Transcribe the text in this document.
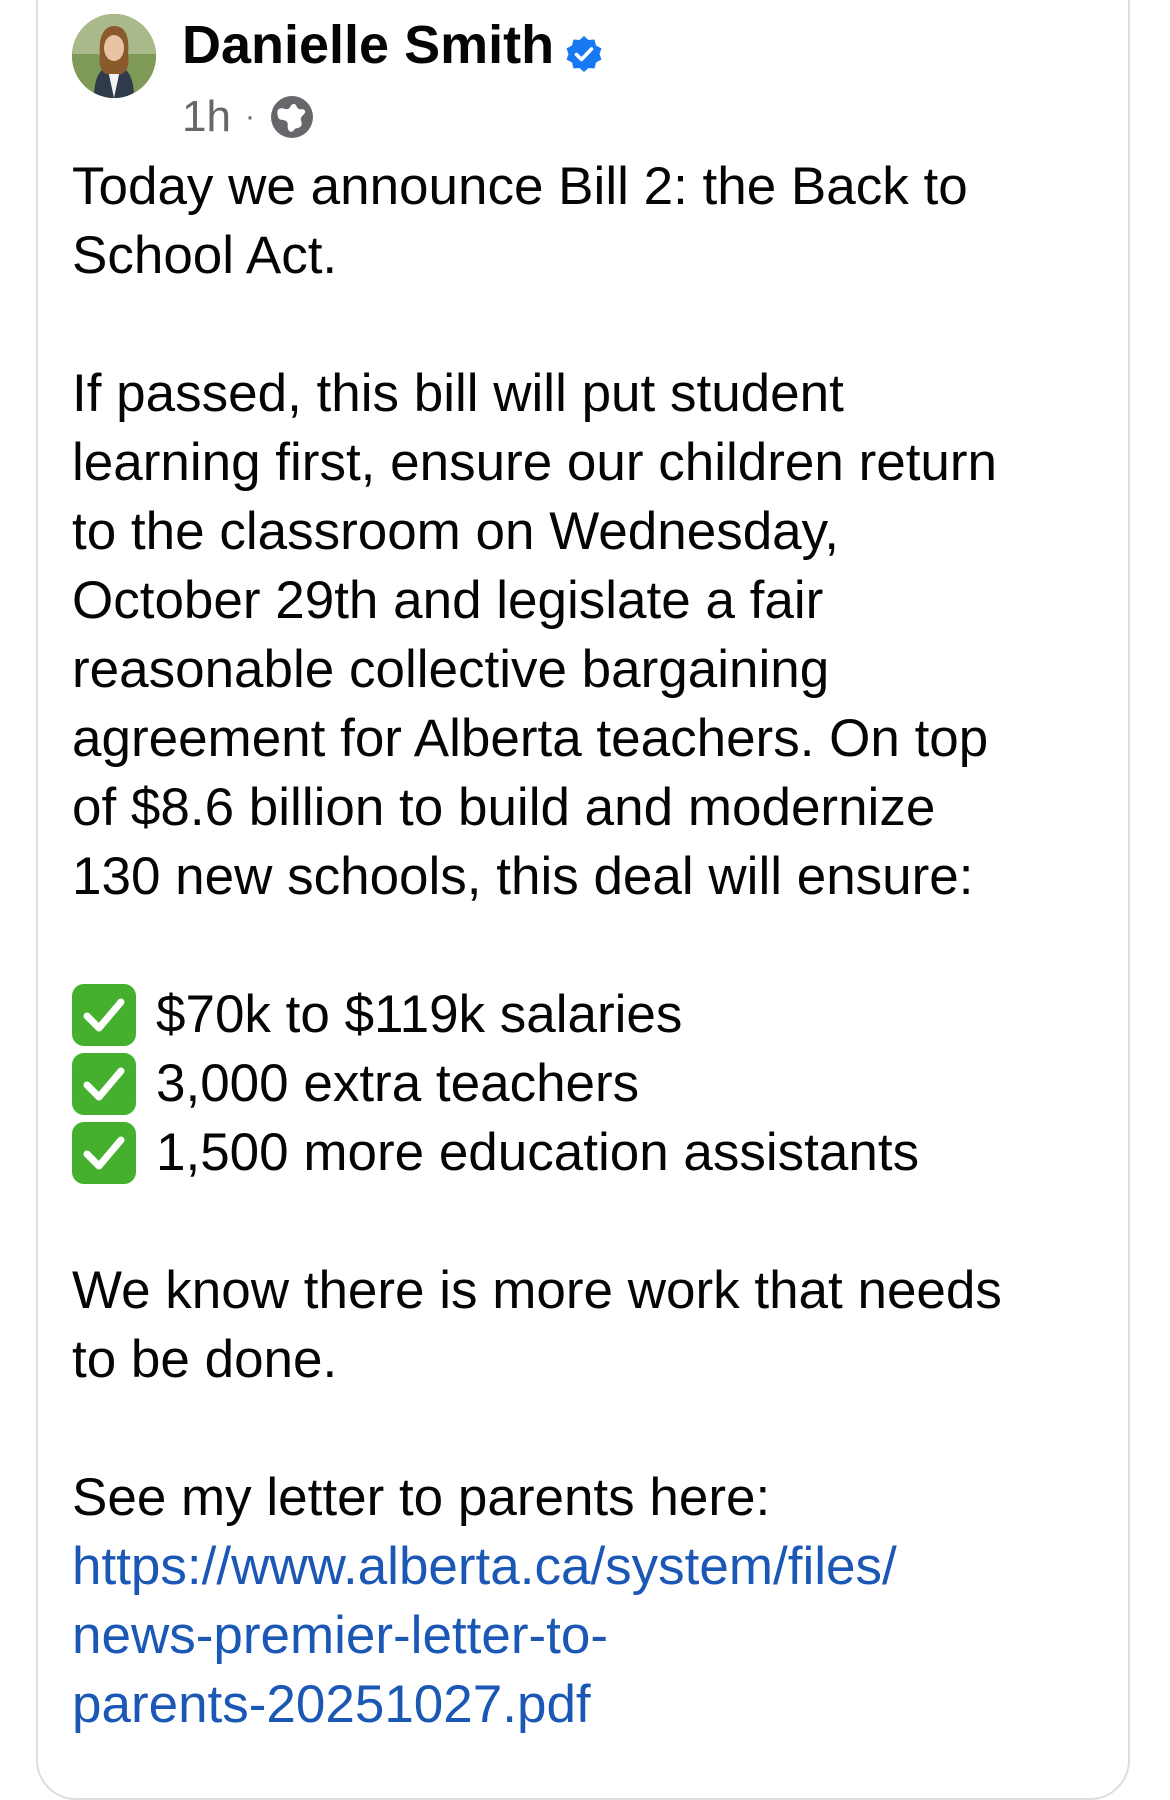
Danielle Smith
1h ·
Today we announce Bill 2: the Back to
School Act.
If passed, this bill will put student
learning first, ensure our children return
to the classroom on Wednesday,
October 29th and legislate a fair
reasonable collective bargaining
agreement for Alberta teachers. On top
of $8.6 billion to build and modernize
130 new schools, this deal will ensure:
$70k to $119k salaries
3,000 extra teachers
1,500 more education assistants
We know there is more work that needs
to be done.
See my letter to parents here:
https://www.alberta.ca/system/files/
news-premier-letter-to-
parents-20251027.pdf
